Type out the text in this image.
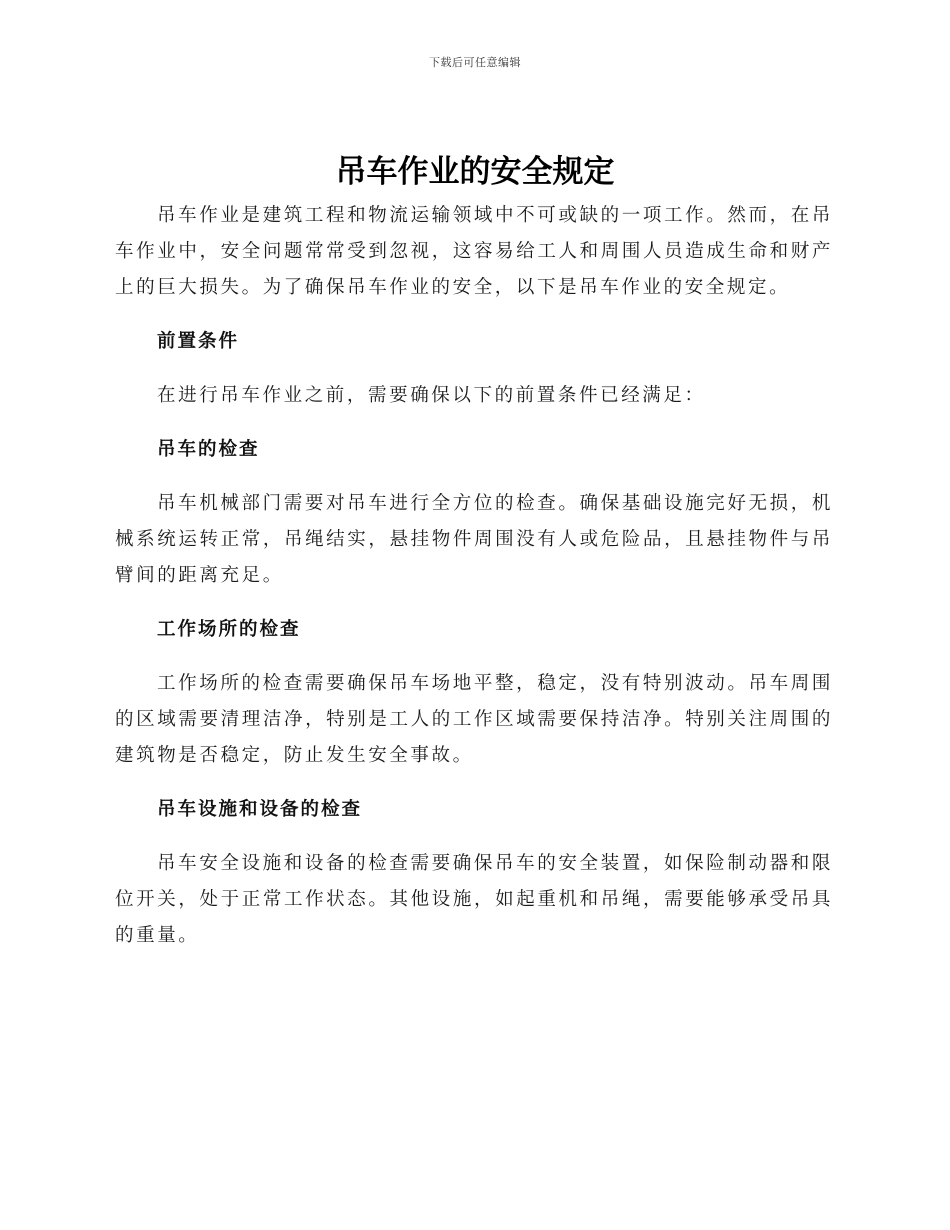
下载后可任意编辑
吊车作业的安全规定

吊车作业是建筑工程和物流运输领域中不可或缺的一项工作。然而，在吊车作业中，安全问题常常受到忽视，这容易给工人和周围人员造成生命和财产上的巨大损失。为了确保吊车作业的安全，以下是吊车作业的安全规定。

前置条件

在进行吊车作业之前，需要确保以下的前置条件已经满足：

吊车的检查

吊车机械部门需要对吊车进行全方位的检查。确保基础设施完好无损，机械系统运转正常，吊绳结实，悬挂物件周围没有人或危险品，且悬挂物件与吊臂间的距离充足。

工作场所的检查

工作场所的检查需要确保吊车场地平整，稳定，没有特别波动。吊车周围的区域需要清理洁净，特别是工人的工作区域需要保持洁净。特别关注周围的建筑物是否稳定，防止发生安全事故。

吊车设施和设备的检查

吊车安全设施和设备的检查需要确保吊车的安全装置，如保险制动器和限位开关，处于正常工作状态。其他设施，如起重机和吊绳，需要能够承受吊具的重量。
